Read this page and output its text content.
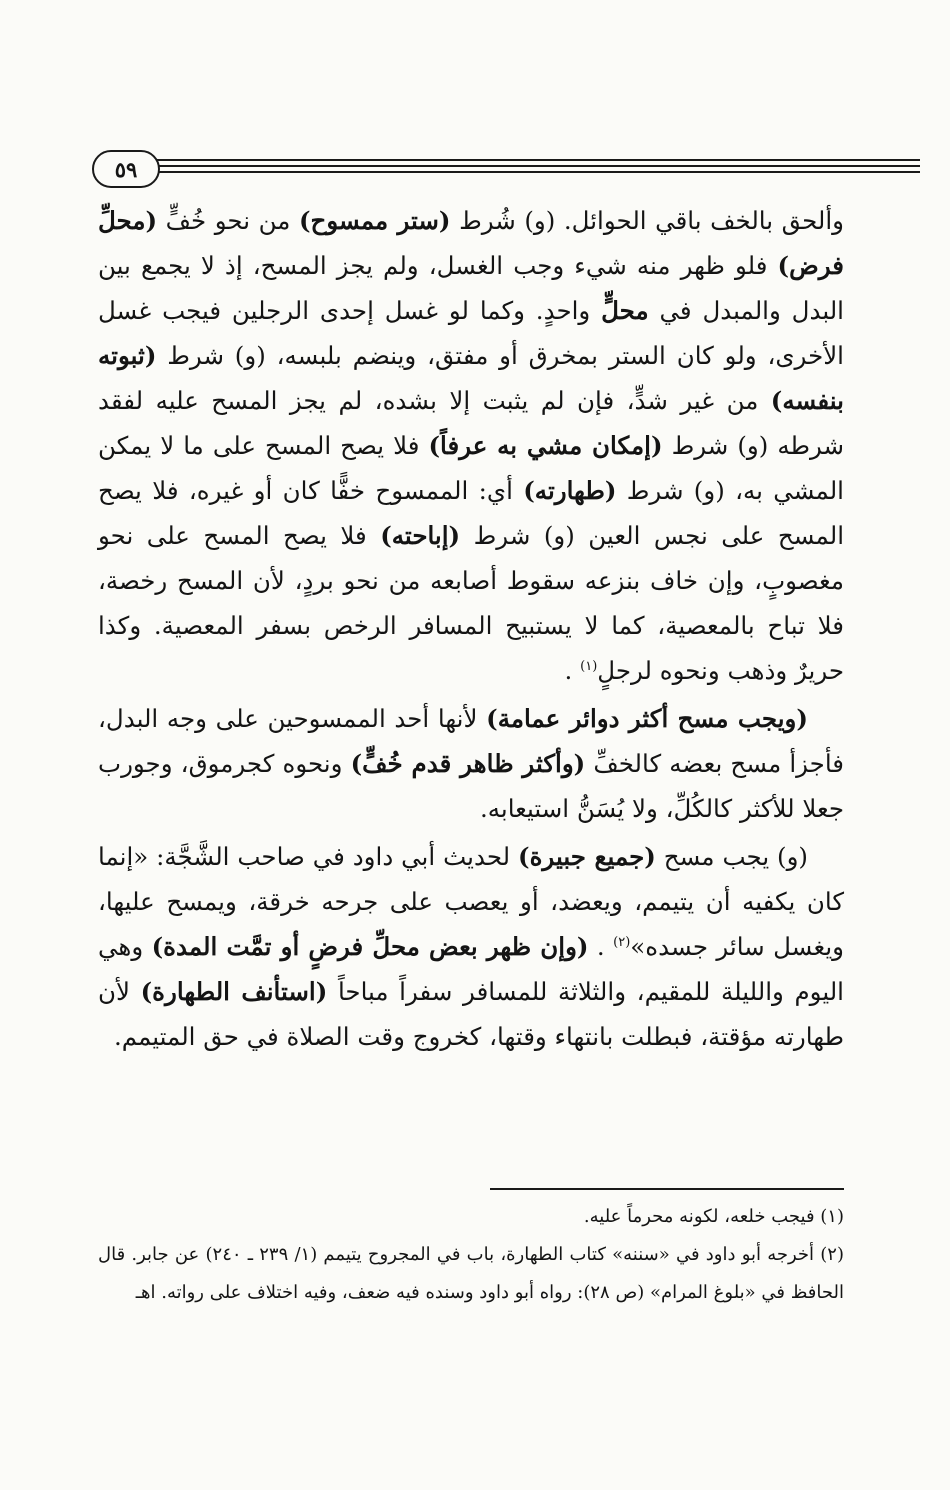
٥٩

وألحق بالخف باقي الحوائل. (و) شُرط (ستر ممسوح) من نحو خُفٍّ (محلِّ فرض) فلو ظهر منه شيء وجب الغسل، ولم يجز المسح، إذ لا يجمع بين البدل والمبدل في محلٍّ واحدٍ. وكما لو غسل إحدى الرجلين فيجب غسل الأخرى، ولو كان الستر بمخرق أو مفتق، وينضم بلبسه، (و) شرط (ثبوته بنفسه) من غير شدٍّ، فإن لم يثبت إلا بشده، لم يجز المسح عليه لفقد شرطه (و) شرط (إمكان مشي به عرفاً) فلا يصح المسح على ما لا يمكن المشي به، (و) شرط (طهارته) أي: الممسوح خفًّا كان أو غيره، فلا يصح المسح على نجس العين (و) شرط (إباحته) فلا يصح المسح على نحو مغصوبٍ، وإن خاف بنزعه سقوط أصابعه من نحو بردٍ، لأن المسح رخصة، فلا تباح بالمعصية، كما لا يستبيح المسافر الرخص بسفر المعصية. وكذا حريرٌ وذهب ونحوه لرجلٍ$^{(١)}$ .

(ويجب مسح أكثر دوائر عمامة) لأنها أحد الممسوحين على وجه البدل، فأجزأ مسح بعضه كالخفِّ (وأكثر ظاهر قدم خُفٍّ) ونحوه كجرموق، وجورب جعلا للأكثر كالكُلِّ، ولا يُسَنُّ استيعابه.

(و) يجب مسح (جميع جبيرة) لحديث أبي داود في صاحب الشَّجَّة: «إنما كان يكفيه أن يتيمم، ويعضد، أو يعصب على جرحه خرقة، ويمسح عليها، ويغسل سائر جسده»$^{(٢)}$ . (وإن ظهر بعض محلِّ فرضٍ أو تمَّت المدة) وهي اليوم والليلة للمقيم، والثلاثة للمسافر سفراً مباحاً (استأنف الطهارة) لأن طهارته مؤقتة، فبطلت بانتهاء وقتها، كخروج وقت الصلاة في حق المتيمم.

(١) فيجب خلعه، لكونه محرماً عليه.

(٢) أخرجه أبو داود في «سننه» كتاب الطهارة، باب في المجروح يتيمم (١/ ٢٣٩ ـ ٢٤٠) عن جابر. قال الحافظ في «بلوغ المرام» (ص ٢٨): رواه أبو داود وسنده فيه ضعف، وفيه اختلاف على رواته. اهـ
